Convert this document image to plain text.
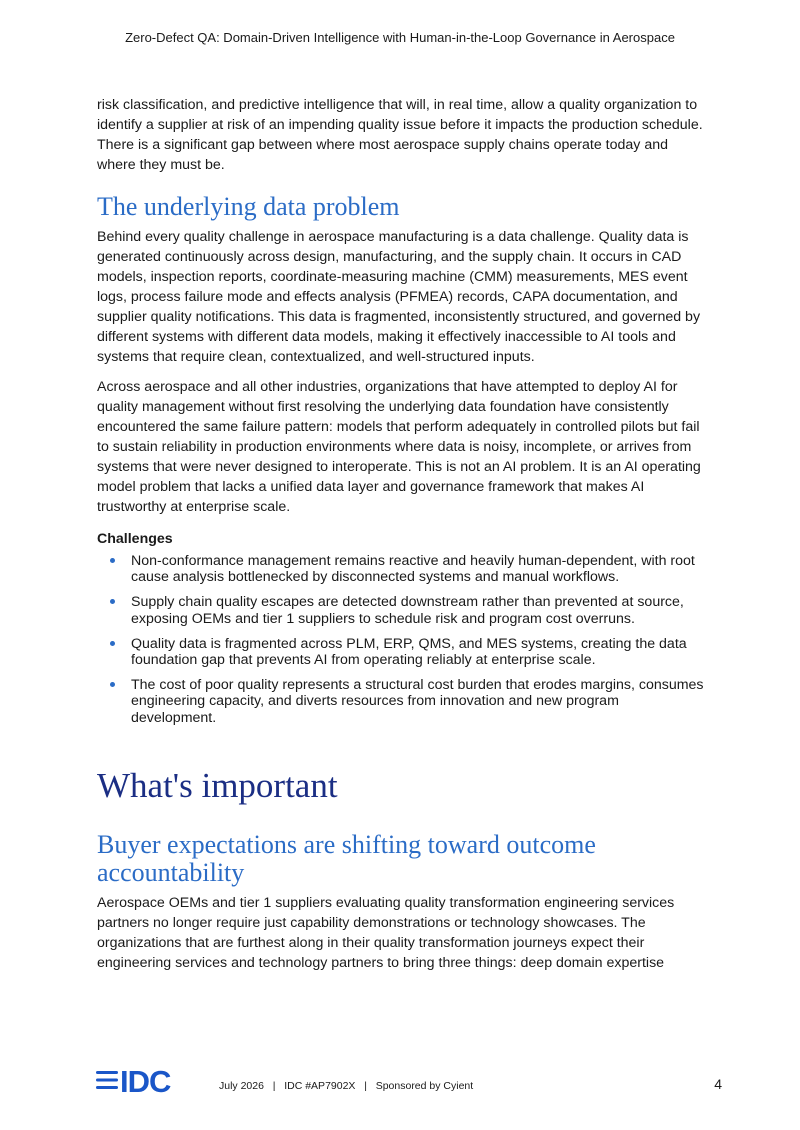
Zero-Defect QA: Domain-Driven Intelligence with Human-in-the-Loop Governance in Aerospace

risk classification, and predictive intelligence that will, in real time, allow a quality organization to identify a supplier at risk of an impending quality issue before it impacts the production schedule. There is a significant gap between where most aerospace supply chains operate today and where they must be.

The underlying data problem

Behind every quality challenge in aerospace manufacturing is a data challenge. Quality data is generated continuously across design, manufacturing, and the supply chain. It occurs in CAD models, inspection reports, coordinate-measuring machine (CMM) measurements, MES event logs, process failure mode and effects analysis (PFMEA) records, CAPA documentation, and supplier quality notifications. This data is fragmented, inconsistently structured, and governed by different systems with different data models, making it effectively inaccessible to AI tools and systems that require clean, contextualized, and well-structured inputs.

Across aerospace and all other industries, organizations that have attempted to deploy AI for quality management without first resolving the underlying data foundation have consistently encountered the same failure pattern: models that perform adequately in controlled pilots but fail to sustain reliability in production environments where data is noisy, incomplete, or arrives from systems that were never designed to interoperate. This is not an AI problem. It is an AI operating model problem that lacks a unified data layer and governance framework that makes AI trustworthy at enterprise scale.

Challenges
Non-conformance management remains reactive and heavily human-dependent, with root cause analysis bottlenecked by disconnected systems and manual workflows.
Supply chain quality escapes are detected downstream rather than prevented at source, exposing OEMs and tier 1 suppliers to schedule risk and program cost overruns.
Quality data is fragmented across PLM, ERP, QMS, and MES systems, creating the data foundation gap that prevents AI from operating reliably at enterprise scale.
The cost of poor quality represents a structural cost burden that erodes margins, consumes engineering capacity, and diverts resources from innovation and new program development.
What's important
Buyer expectations are shifting toward outcome accountability

Aerospace OEMs and tier 1 suppliers evaluating quality transformation engineering services partners no longer require just capability demonstrations or technology showcases. The organizations that are furthest along in their quality transformation journeys expect their engineering services and technology partners to bring three things: deep domain expertise

IDC	July 2026 | IDC #AP7902X | Sponsored by Cyient	4
